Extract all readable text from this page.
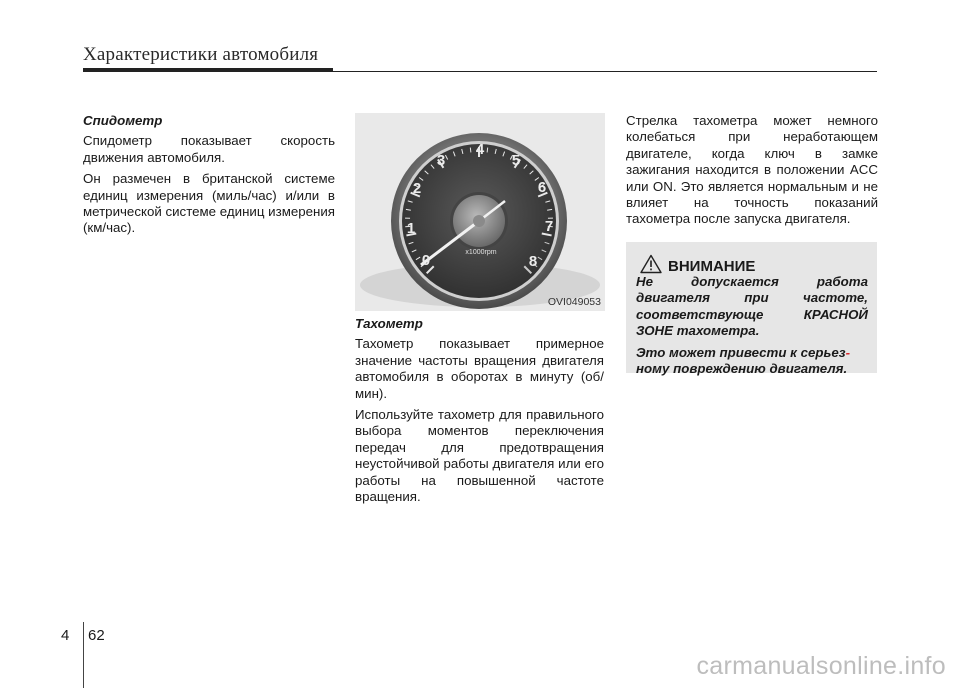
Характеристики автомобиля
Спидометр

Спидометр показывает скорость движения автомобиля.

Он размечен в британской системе единиц измерения (миль/час) и/или в метрической системе единиц измерения (км/час).

0
1
2
3
4
5
6
7
8
x1000rpm
OVI049053
Тахометр

Тахометр показывает примерное значение частоты вращения двигателя автомобиля в оборотах в минуту (об/мин).

Используйте тахометр для правильного выбора моментов переключения передач для предотвращения неустойчивой работы двигателя или его работы на повышенной частоте вращения.

Стрелка тахометра может немного колебаться при неработающем двигателе, когда ключ в замке зажигания находится в положении ACC или ON. Это является нормальным и не влияет на точность показаний тахометра после запуска двигателя.

ВНИМАНИЕ

Не допускается работа двигателя при частоте, соответствующе КРАСНОЙ ЗОНЕ тахометра.

Это может привести к серьез-
ному повреждению двигателя.

4 62
carmanualsonline.info
